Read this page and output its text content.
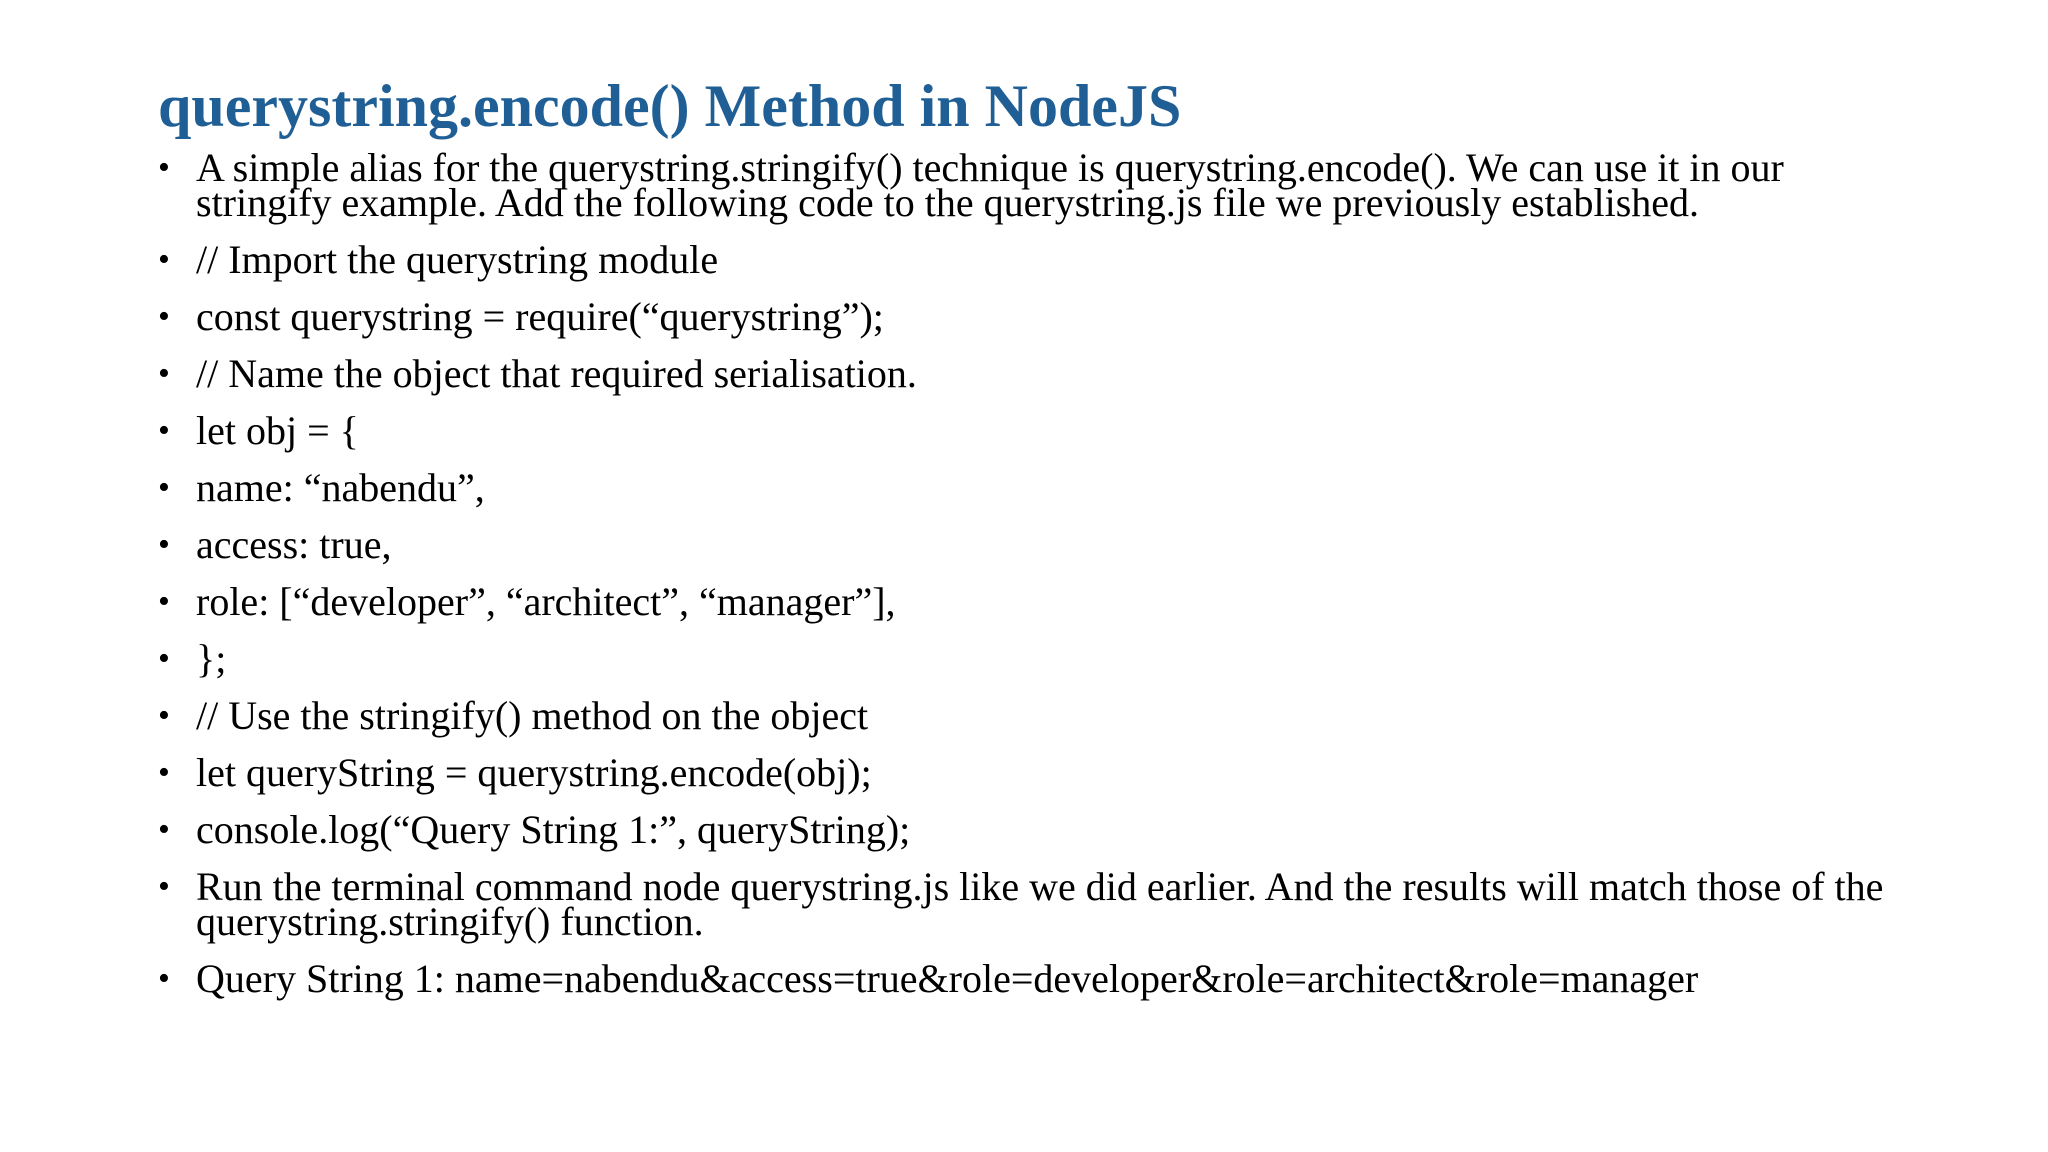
querystring.encode() Method in NodeJS
• A simple alias for the querystring.stringify() technique is querystring.encode(). We can use it in our stringify example. Add the following code to the querystring.js file we previously established.
• // Import the querystring module
• const querystring = require(“querystring”);
• // Name the object that required serialisation.
• let obj = {
• name: “nabendu”,
• access: true,
• role: [“developer”, “architect”, “manager”],
• };
• // Use the stringify() method on the object
• let queryString = querystring.encode(obj);
• console.log(“Query String 1:”, queryString);
• Run the terminal command node querystring.js like we did earlier. And the results will match those of the querystring.stringify() function.
• Query String 1: name=nabendu&access=true&role=developer&role=architect&role=manager
